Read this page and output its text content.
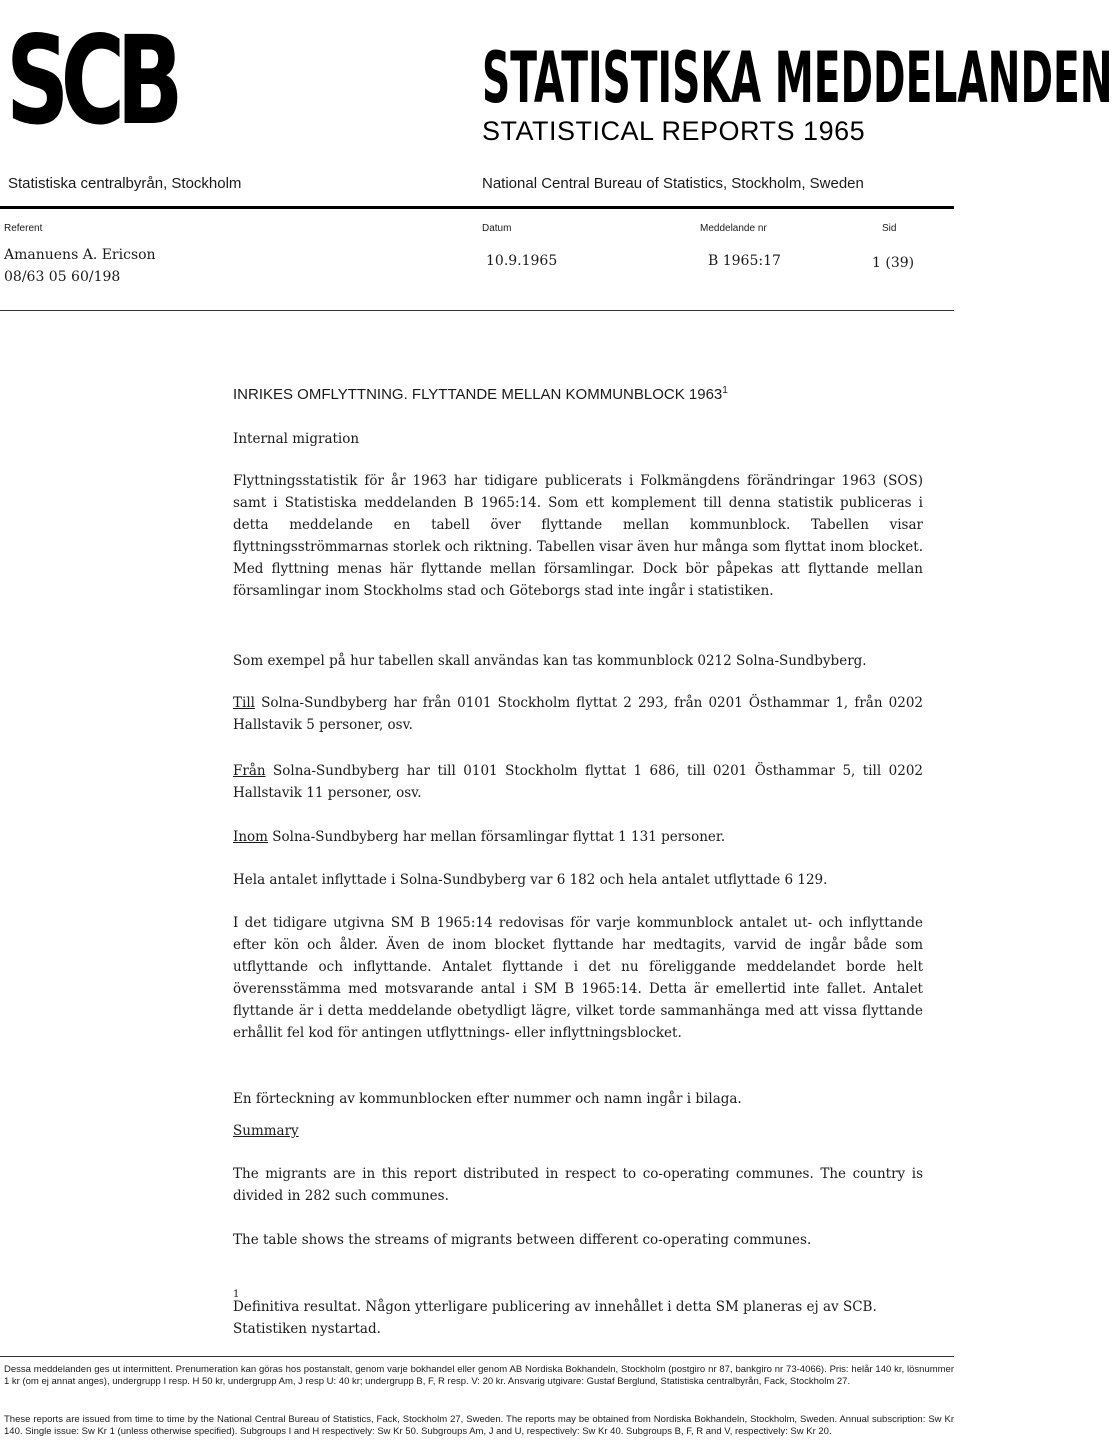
SCB	STATISTISKA MEDDELANDEN
STATISTICAL REPORTS 1965
Statistiska centralbyrån, Stockholm	National Central Bureau of Statistics, Stockholm, Sweden
Referent	Datum	Meddelande nr	Sid
Amanuens A. Ericson
08/63 05 60/198
10.9.1965	B 1965:17	1 (39)
INRIKES OMFLYTTNING. FLYTTANDE MELLAN KOMMUNBLOCK 1963$^1$
Internal migration
Flyttningsstatistik för år 1963 har tidigare publicerats i Folkmängdens förändringar 1963 (SOS) samt i Statistiska meddelanden B 1965:14. Som ett komplement till denna statistik publiceras i detta meddelande en tabell över flyttande mellan kommunblock. Tabellen visar flyttningsströmmarnas storlek och riktning. Tabellen visar även hur många som flyttat inom blocket. Med flyttning menas här flyttande mellan församlingar. Dock bör påpekas att flyttande mellan församlingar inom Stockholms stad och Göteborgs stad inte ingår i statistiken.
Som exempel på hur tabellen skall användas kan tas kommunblock 0212 Solna-Sundbyberg.
Till Solna-Sundbyberg har från 0101 Stockholm flyttat 2 293, från 0201 Östhammar 1, från 0202 Hallstavik 5 personer, osv.
Från Solna-Sundbyberg har till 0101 Stockholm flyttat 1 686, till 0201 Östhammar 5, till 0202 Hallstavik 11 personer, osv.
Inom Solna-Sundbyberg har mellan församlingar flyttat 1 131 personer.
Hela antalet inflyttade i Solna-Sundbyberg var 6 182 och hela antalet utflyttade 6 129.
I det tidigare utgivna SM B 1965:14 redovisas för varje kommunblock antalet ut- och inflyttande efter kön och ålder. Även de inom blocket flyttande har medtagits, varvid de ingår både som utflyttande och inflyttande. Antalet flyttande i det nu föreliggande meddelandet borde helt överensstämma med motsvarande antal i SM B 1965:14. Detta är emellertid inte fallet. Antalet flyttande är i detta meddelande obetydligt lägre, vilket torde sammanhänga med att vissa flyttande erhållit fel kod för antingen utflyttnings- eller inflyttningsblocket.
En förteckning av kommunblocken efter nummer och namn ingår i bilaga.
Summary
The migrants are in this report distributed in respect to co-operating communes. The country is divided in 282 such communes.
The table shows the streams of migrants between different co-operating communes.
1
Definitiva resultat. Någon ytterligare publicering av innehållet i detta SM planeras ej av SCB. Statistiken nystartad.
Dessa meddelanden ges ut intermittent. Prenumeration kan göras hos postanstalt, genom varje bokhandel eller genom AB Nordiska Bokhandeln, Stockholm (postgiro nr 87, bankgiro nr 73-4066). Pris: helår 140 kr, lösnummer 1 kr (om ej annat anges), undergrupp I resp. H 50 kr, undergrupp Am, J resp U: 40 kr; undergrupp B, F, R resp. V: 20 kr. Ansvarig utgivare: Gustaf Berglund, Statistiska centralbyrån, Fack, Stockholm 27.
These reports are issued from time to time by the National Central Bureau of Statistics, Fack, Stockholm 27, Sweden. The reports may be obtained from Nordiska Bokhandeln, Stockholm, Sweden. Annual subscription: Sw Kr 140. Single issue: Sw Kr 1 (unless otherwise specified). Subgroups I and H respectively: Sw Kr 50. Subgroups Am, J and U, respectively: Sw Kr 40. Subgroups B, F, R and V, respectively: Sw Kr 20.
